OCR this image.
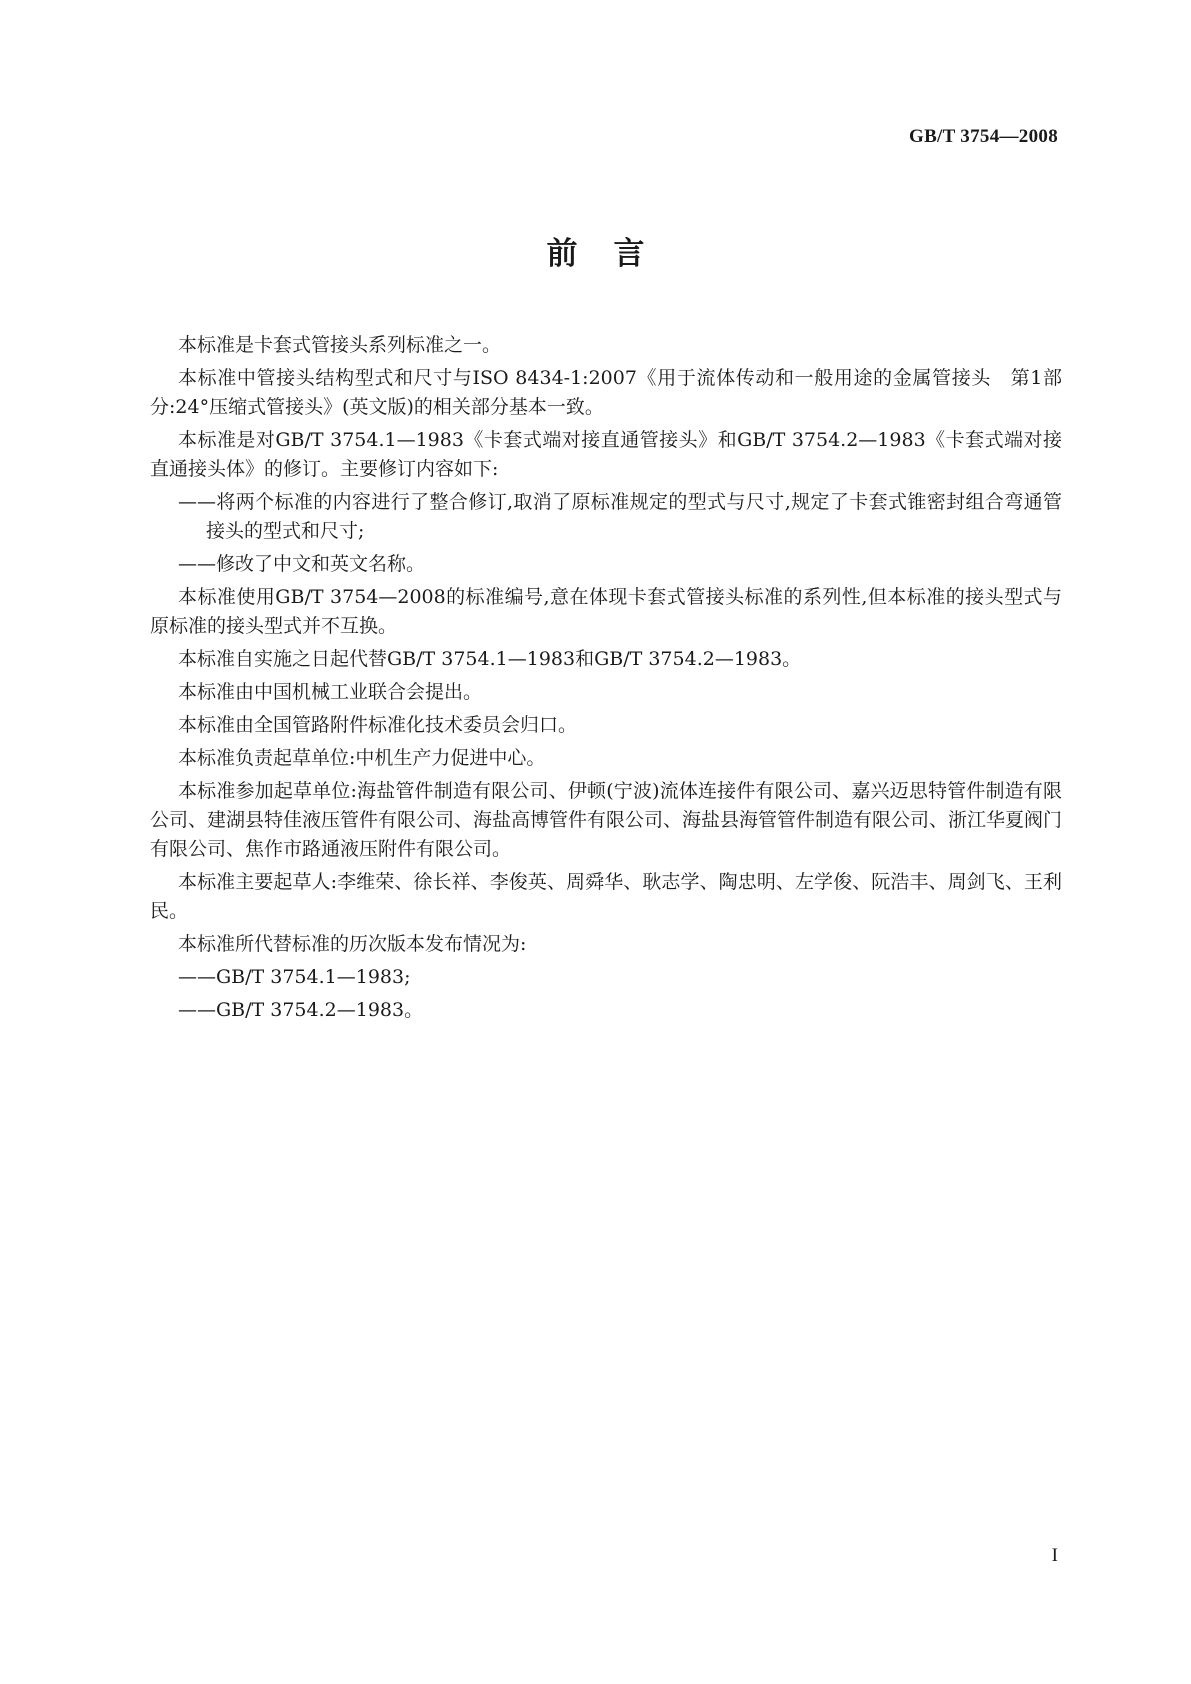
GB/T 3754—2008
前言

本标准是卡套式管接头系列标准之一。

本标准中管接头结构型式和尺寸与ISO 8434-1:2007《用于流体传动和一般用途的金属管接头　第1部分:24°压缩式管接头》(英文版)的相关部分基本一致。

本标准是对GB/T 3754.1—1983《卡套式端对接直通管接头》和GB/T 3754.2—1983《卡套式端对接直通接头体》的修订。主要修订内容如下:

——将两个标准的内容进行了整合修订,取消了原标准规定的型式与尺寸,规定了卡套式锥密封组合弯通管接头的型式和尺寸;

——修改了中文和英文名称。

本标准使用GB/T 3754—2008的标准编号,意在体现卡套式管接头标准的系列性,但本标准的接头型式与原标准的接头型式并不互换。

本标准自实施之日起代替GB/T 3754.1—1983和GB/T 3754.2—1983。

本标准由中国机械工业联合会提出。

本标准由全国管路附件标准化技术委员会归口。

本标准负责起草单位:中机生产力促进中心。

本标准参加起草单位:海盐管件制造有限公司、伊顿(宁波)流体连接件有限公司、嘉兴迈思特管件制造有限公司、建湖县特佳液压管件有限公司、海盐高博管件有限公司、海盐县海管管件制造有限公司、浙江华夏阀门有限公司、焦作市路通液压附件有限公司。

本标准主要起草人:李维荣、徐长祥、李俊英、周舜华、耿志学、陶忠明、左学俊、阮浩丰、周剑飞、王利民。

本标准所代替标准的历次版本发布情况为:

——GB/T 3754.1—1983;

——GB/T 3754.2—1983。

I
